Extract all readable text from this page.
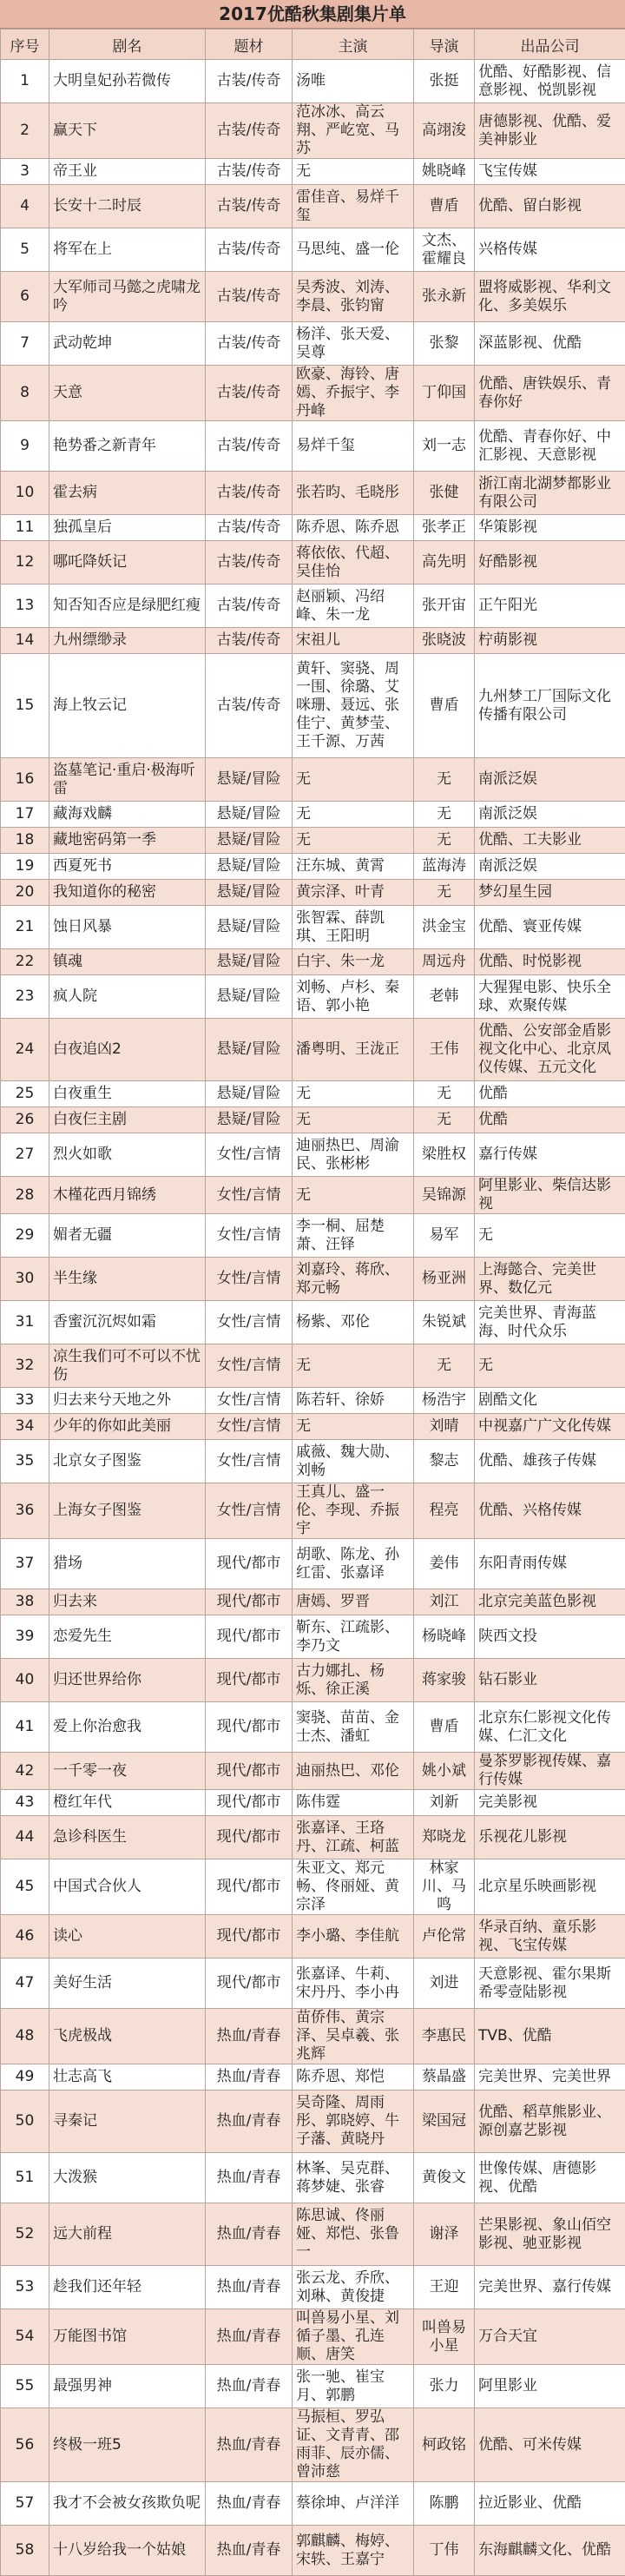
2017优酷秋集剧集片单
序号	剧名	题材	主演	导演	出品公司
1	大明皇妃孙若微传	古装/传奇	汤唯	张挺	优酷、好酷影视、信意影视、悦凯影视
2	赢天下	古装/传奇	范冰冰、高云翔、严屹宽、马苏	高翊浚	唐德影视、优酷、爱美神影业
3	帝王业	古装/传奇	无	姚晓峰	飞宝传媒
4	长安十二时辰	古装/传奇	雷佳音、易烊千玺	曹盾	优酷、留白影视
5	将军在上	古装/传奇	马思纯、盛一伦	文杰、霍耀良	兴格传媒
6	大军师司马懿之虎啸龙吟	古装/传奇	吴秀波、刘涛、李晨、张钧甯	张永新	盟将威影视、华利文化、多美娱乐
7	武动乾坤	古装/传奇	杨洋、张天爱、吴尊	张黎	深蓝影视、优酷
8	天意	古装/传奇	欧豪、海铃、唐嫣、乔振宇、李丹峰	丁仰国	优酷、唐铁娱乐、青春你好
9	艳势番之新青年	古装/传奇	易烊千玺	刘一志	优酷、青春你好、中汇影视、天意影视
10	霍去病	古装/传奇	张若昀、毛晓彤	张健	浙江南北湖梦都影业有限公司
11	独孤皇后	古装/传奇	陈乔恩、陈乔恩	张孝正	华策影视
12	哪吒降妖记	古装/传奇	蒋依依、代超、吴佳怡	高先明	好酷影视
13	知否知否应是绿肥红瘦	古装/传奇	赵丽颖、冯绍峰、朱一龙	张开宙	正午阳光
14	九州缥缈录	古装/传奇	宋祖儿	张晓波	柠萌影视
15	海上牧云记	古装/传奇	黄轩、窦骁、周一围、徐璐、艾咪珊、聂远、张佳宁、黄梦莹、王千源、万茜	曹盾	九州梦工厂国际文化传播有限公司
16	盗墓笔记·重启·极海听雷	悬疑/冒险	无	无	南派泛娱
17	藏海戏麟	悬疑/冒险	无	无	南派泛娱
18	藏地密码第一季	悬疑/冒险	无	无	优酷、工夫影业
19	西夏死书	悬疑/冒险	汪东城、黄霄	蓝海涛	南派泛娱
20	我知道你的秘密	悬疑/冒险	黄宗泽、叶青	无	梦幻星生园
21	蚀日风暴	悬疑/冒险	张智霖、薛凯琪、王阳明	洪金宝	优酷、寰亚传媒
22	镇魂	悬疑/冒险	白宇、朱一龙	周远舟	优酷、时悦影视
23	疯人院	悬疑/冒险	刘畅、卢杉、秦语、郭小艳	老韩	大猩猩电影、快乐全球、欢聚传媒
24	白夜追凶2	悬疑/冒险	潘粤明、王泷正	王伟	优酷、公安部金盾影视文化中心、北京凤仪传媒、五元文化
25	白夜重生	悬疑/冒险	无	无	优酷
26	白夜仨主剧	悬疑/冒险	无	无	优酷
27	烈火如歌	女性/言情	迪丽热巴、周渝民、张彬彬	梁胜权	嘉行传媒
28	木槿花西月锦绣	女性/言情	无	吴锦源	阿里影业、柴信达影视
29	媚者无疆	女性/言情	李一桐、屈楚萧、汪铎	易军	无
30	半生缘	女性/言情	刘嘉玲、蒋欣、郑元畅	杨亚洲	上海懿合、完美世界、数亿元
31	香蜜沉沉烬如霜	女性/言情	杨紫、邓伦	朱锐斌	完美世界、青海蓝海、时代众乐
32	凉生我们可不可以不忧伤	女性/言情	无	无	无
33	归去来兮天地之外	女性/言情	陈若轩、徐娇	杨浩宇	剧酷文化
34	少年的你如此美丽	女性/言情	无	刘晴	中视嘉广广文化传媒
35	北京女子图鉴	女性/言情	戚薇、魏大勋、刘畅	黎志	优酷、雄孩子传媒
36	上海女子图鉴	女性/言情	王真儿、盛一伦、李现、乔振宇	程亮	优酷、兴格传媒
37	猎场	现代/都市	胡歌、陈龙、孙红雷、张嘉译	姜伟	东阳青雨传媒
38	归去来	现代/都市	唐嫣、罗晋	刘江	北京完美蓝色影视
39	恋爱先生	现代/都市	靳东、江疏影、李乃文	杨晓峰	陕西文投
40	归还世界给你	现代/都市	古力娜扎、杨烁、徐正溪	蒋家骏	钻石影业
41	爱上你治愈我	现代/都市	窦骁、苗苗、金士杰、潘虹	曹盾	北京东仁影视文化传媒、仁汇文化
42	一千零一夜	现代/都市	迪丽热巴、邓伦	姚小斌	曼茶罗影视传媒、嘉行传媒
43	橙红年代	现代/都市	陈伟霆	刘新	完美影视
44	急诊科医生	现代/都市	张嘉译、王珞丹、江疏、柯蓝	郑晓龙	乐视花儿影视
45	中国式合伙人	现代/都市	朱亚文、郑元畅、佟丽娅、黄宗泽	林家川、马鸣	北京星乐映画影视
46	读心	现代/都市	李小璐、李佳航	卢伦常	华录百纳、童乐影视、飞宝传媒
47	美好生活	现代/都市	张嘉译、牛莉、宋丹丹、李小冉	刘进	天意影视、霍尔果斯希零壹陆影视
48	飞虎极战	热血/青春	苗侨伟、黄宗泽、吴卓羲、张兆辉	李惠民	TVB、优酷
49	壮志高飞	热血/青春	陈乔恩、郑恺	蔡晶盛	完美世界、完美世界
50	寻秦记	热血/青春	吴奇隆、周雨彤、郭晓婷、牛子藩、黄晓丹	梁国冠	优酷、稻草熊影业、源创嘉艺影视
51	大泼猴	热血/青春	林峯、吴克群、蒋梦婕、张睿	黄俊文	世像传媒、唐德影视、优酷
52	远大前程	热血/青春	陈思诚、佟丽娅、郑恺、张鲁一	谢泽	芒果影视、象山佰空影视、驰亚影视
53	趁我们还年轻	热血/青春	张云龙、乔欣、刘琳、黄俊捷	王迎	完美世界、嘉行传媒
54	万能图书馆	热血/青春	叫兽易小星、刘循子墨、孔连顺、唐笑	叫兽易小星	万合天宜
55	最强男神	热血/青春	张一驰、崔宝月、郭鹏	张力	阿里影业
56	终极一班5	热血/青春	马振桓、罗弘证、文青青、邵雨菲、辰亦儒、曾沛慈	柯政铭	优酷、可米传媒
57	我才不会被女孩欺负呢	热血/青春	蔡徐坤、卢洋洋	陈鹏	拉近影业、优酷
58	十八岁给我一个姑娘	热血/青春	郭麒麟、梅婷、宋轶、王嘉宁	丁伟	东海麒麟文化、优酷
